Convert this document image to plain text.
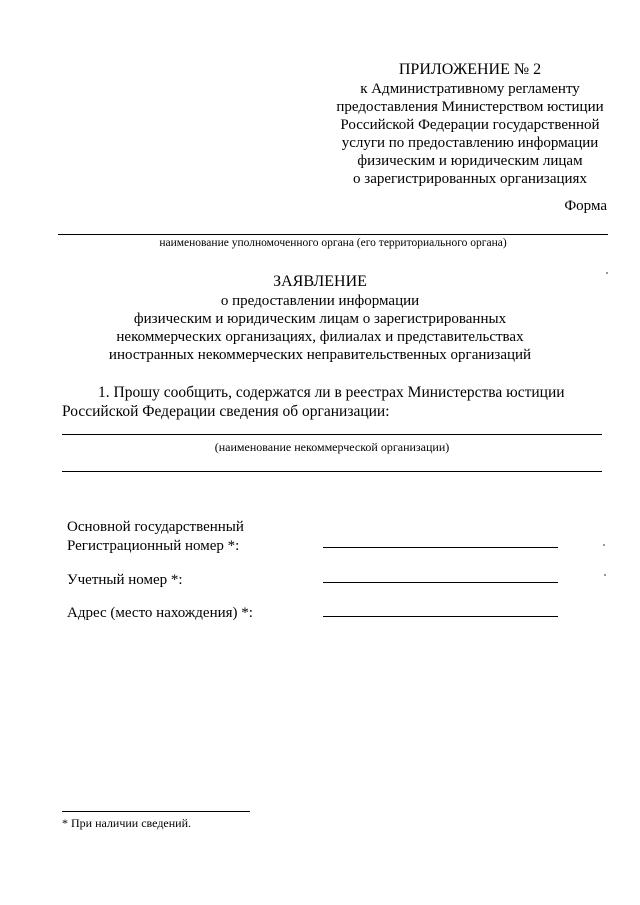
ПРИЛОЖЕНИЕ № 2
к Административному регламенту
предоставления Министерством юстиции
Российской Федерации государственной
услуги по предоставлению информации
физическим и юридическим лицам
о зарегистрированных организациях
Форма
наименование уполномоченного органа (его территориального органа)
ЗАЯВЛЕНИЕ
о предоставлении информации
физическим и юридическим лицам о зарегистрированных
некоммерческих организациях, филиалах и представительствах
иностранных некоммерческих неправительственных организаций
1. Прошу сообщить, содержатся ли в реестрах Министерства юстиции
Российской Федерации сведения об организации:
(наименование некоммерческой организации)
Основной государственный
Регистрационный номер *:
Учетный номер *:
Адрес (место нахождения) *:
* При наличии сведений.
